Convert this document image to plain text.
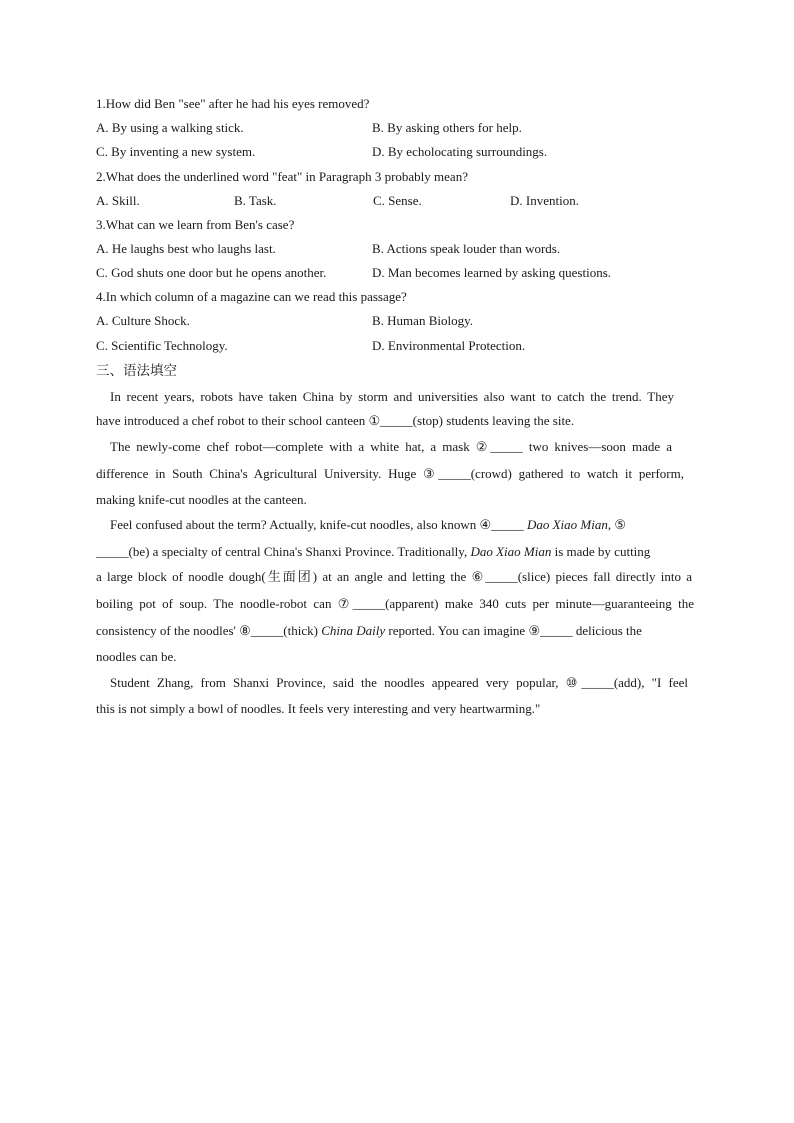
1.How did Ben "see" after he had his eyes removed?
A. By using a walking stick.	B. By asking others for help.
C. By inventing a new system.	D. By echolocating surroundings.
2.What does the underlined word "feat" in Paragraph 3 probably mean?
A. Skill.	B. Task.	C. Sense.	D. Invention.
3.What can we learn from Ben's case?
A. He laughs best who laughs last.	B. Actions speak louder than words.
C. God shuts one door but he opens another.	D. Man becomes learned by asking questions.
4.In which column of a magazine can we read this passage?
A. Culture Shock.	B. Human Biology.
C. Scientific Technology.	D. Environmental Protection.
三、语法填空
In recent years, robots have taken China by storm and universities also want to catch the trend. They
have introduced a chef robot to their school canteen ①_____(stop) students leaving the site.
The newly-come chef robot—complete with a white hat, a mask ②_____ two knives—soon made a
difference in South China's Agricultural University. Huge ③_____(crowd) gathered to watch it perform,
making knife-cut noodles at the canteen.
Feel confused about the term? Actually, knife-cut noodles, also known ④_____ Dao Xiao Mian, ⑤
_____(be) a specialty of central China's Shanxi Province. Traditionally, Dao Xiao Mian is made by cutting
a large block of noodle dough(生面团) at an angle and letting the ⑥_____(slice) pieces fall directly into a
boiling pot of soup. The noodle-robot can ⑦_____(apparent) make 340 cuts per minute—guaranteeing the
consistency of the noodles' ⑧_____(thick) China Daily reported. You can imagine ⑨_____ delicious the
noodles can be.
Student Zhang, from Shanxi Province, said the noodles appeared very popular, ⑩_____(add), "I feel
this is not simply a bowl of noodles. It feels very interesting and very heartwarming."
